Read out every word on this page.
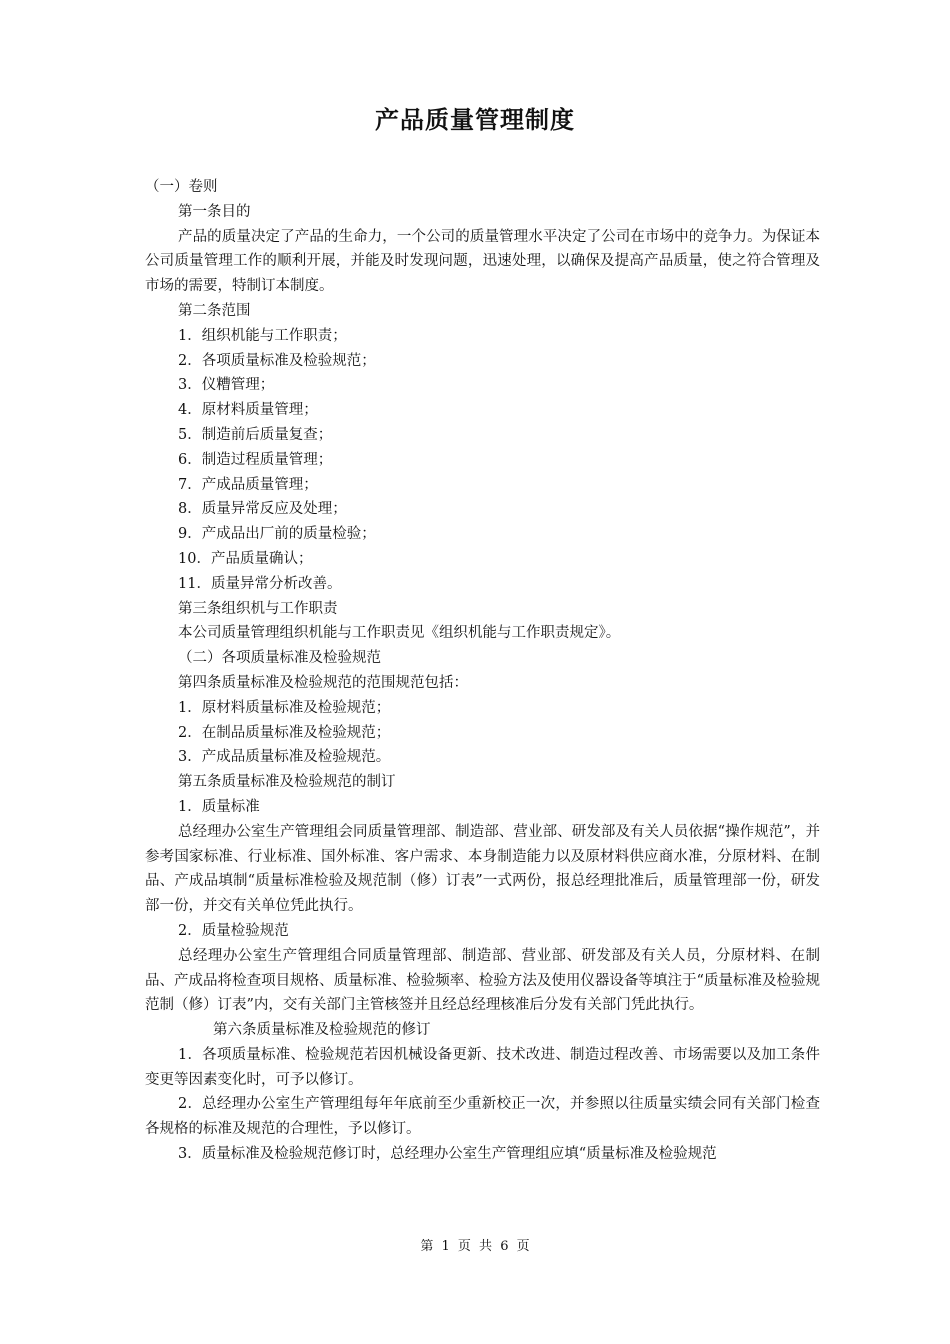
产品质量管理制度

（一）卷则

第一条目的

产品的质量决定了产品的生命力，一个公司的质量管理水平决定了公司在市场中的竞争力。为保证本公司质量管理工作的顺利开展，并能及时发现问题，迅速处理，以确保及提高产品质量，使之符合管理及市场的需要，特制订本制度。

第二条范围

1．组织机能与工作职责；

2．各项质量标准及检验规范；

3．仪糟管理；

4．原材料质量管理；

5．制造前后质量复查；

6．制造过程质量管理；

7．产成品质量管理；

8．质量异常反应及处理；

9．产成品出厂前的质量检验；

10．产品质量确认；

11．质量异常分析改善。

第三条组织机与工作职责

本公司质量管理组织机能与工作职责见《组织机能与工作职责规定》。

（二）各项质量标准及检验规范

第四条质量标准及检验规范的范围规范包括：

1．原材料质量标准及检验规范；

2．在制品质量标准及检验规范；

3．产成品质量标准及检验规范。

第五条质量标准及检验规范的制订

1．质量标准

总经理办公室生产管理组会同质量管理部、制造部、营业部、研发部及有关人员依据“操作规范”，并参考国家标准、行业标准、国外标准、客户需求、本身制造能力以及原材料供应商水准，分原材料、在制品、产成品填制“质量标准检验及规范制（修）订表”一式两份，报总经理批准后，质量管理部一份，研发部一份，并交有关单位凭此执行。

2．质量检验规范

总经理办公室生产管理组合同质量管理部、制造部、营业部、研发部及有关人员，分原材料、在制品、产成品将检查项目规格、质量标准、检验频率、检验方法及使用仪器设备等填注于“质量标准及检验规范制（修）订表”内，交有关部门主管核签并且经总经理核准后分发有关部门凭此执行。

第六条质量标准及检验规范的修订

1．各项质量标准、检验规范若因机械设备更新、技术改进、制造过程改善、市场需要以及加工条件变更等因素变化时，可予以修订。

2．总经理办公室生产管理组每年年底前至少重新校正一次，并参照以往质量实绩会同有关部门检查各规格的标准及规范的合理性，予以修订。

3．质量标准及检验规范修订时，总经理办公室生产管理组应填“质量标准及检验规范

第 1 页 共 6 页
